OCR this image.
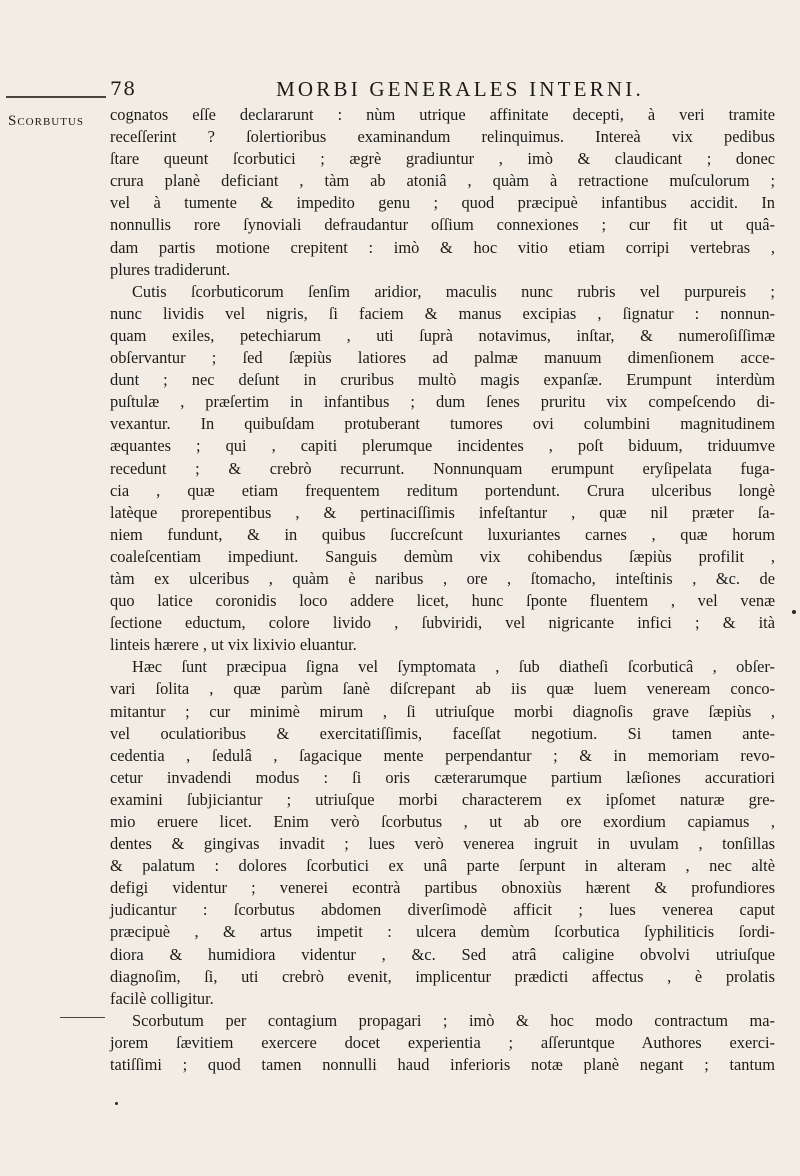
78	MORBI GENERALES INTERNI.
Scorbutus cognatos eſſe declararunt : nùm utrique affinitate decepti, à veri tramite
receſſerint ? ſolertioribus examinandum relinquimus. Intereà vix pedibus
ſtare queunt ſcorbutici ; ægrè gradiuntur , imò & claudicant ; donec
crura planè deficiant , tàm ab atoniâ , quàm à retractione muſculorum ;
vel à tumente & impedito genu ; quod præcipuè infantibus accidit. In
nonnullis rore ſynoviali defraudantur oſſium connexiones ; cur fit ut quâ-
dam partis motione crepitent : imò & hoc vitio etiam corripi vertebras ,
plures tradiderunt.
Cutis ſcorbuticorum ſenſim aridior, maculis nunc rubris vel purpureis ;
nunc lividis vel nigris, ſi faciem & manus excipias , ſignatur : nonnun-
quam exiles, petechiarum , uti ſuprà notavimus, inſtar, & numeroſiſſimæ
obſervantur ; ſed ſæpiùs latiores ad palmæ manuum dimenſionem acce-
dunt ; nec deſunt in cruribus multò magis expanſæ. Erumpunt interdùm
puſtulæ , præſertim in infantibus ; dum ſenes pruritu vix compeſcendo di-
vexantur. In quibuſdam protuberant tumores ovi columbini magnitudinem
æquantes ; qui , capiti plerumque incidentes , poſt biduum, triduumve
recedunt ; & crebrò recurrunt. Nonnunquam erumpunt eryſipelata fuga-
cia , quæ etiam frequentem reditum portendunt. Crura ulceribus longè
latèque prorepentibus , & pertinaciſſimis infeſtantur , quæ nil præter ſa-
niem fundunt, & in quibus ſuccreſcunt luxuriantes carnes , quæ horum
coaleſcentiam impediunt. Sanguis demùm vix cohibendus ſæpiùs profilit ,
tàm ex ulceribus , quàm è naribus , ore , ſtomacho, inteſtinis , &c. de
quo latice coronidis loco addere licet, hunc ſponte fluentem , vel venæ
ſectione eductum, colore livido , ſubviridi, vel nigricante infici ; & ità
linteis hærere , ut vix lixivio eluantur.
Hæc ſunt præcipua ſigna vel ſymptomata , ſub diatheſi ſcorbuticâ , obſer-
vari ſolita , quæ parùm ſanè diſcrepant ab iis quæ luem veneream conco-
mitantur ; cur minimè mirum , ſi utriuſque morbi diagnoſis grave ſæpiùs ,
vel oculatioribus & exercitatiſſimis, faceſſat negotium. Si tamen ante-
cedentia , ſedulâ , ſagacique mente perpendantur ; & in memoriam revo-
cetur invadendi modus : ſi oris cæterarumque partium læſiones accuratiori
examini ſubjiciantur ; utriuſque morbi characterem ex ipſomet naturæ gre-
mio eruere licet. Enim verò ſcorbutus , ut ab ore exordium capiamus ,
dentes & gingivas invadit ; lues verò venerea ingruit in uvulam , tonſillas
& palatum : dolores ſcorbutici ex unâ parte ſerpunt in alteram , nec altè
defigi videntur ; venerei econtrà partibus obnoxiùs hærent & profundiores
judicantur : ſcorbutus abdomen diverſimodè afficit ; lues venerea caput
præcipuè , & artus impetit : ulcera demùm ſcorbutica ſyphiliticis ſordi-
diora & humidiora videntur , &c. Sed atrâ caligine obvolvi utriuſque
diagnoſim, ſi, uti crebrò evenit, implicentur prædicti affectus , è prolatis
facilè colligitur.
Scorbutum per contagium propagari ; imò & hoc modo contractum ma-
jorem ſævitiem exercere docet experientia ; aſſeruntque Authores exerci-
tatiſſimi ; quod tamen nonnulli haud inferioris notæ planè negant ; tantum
